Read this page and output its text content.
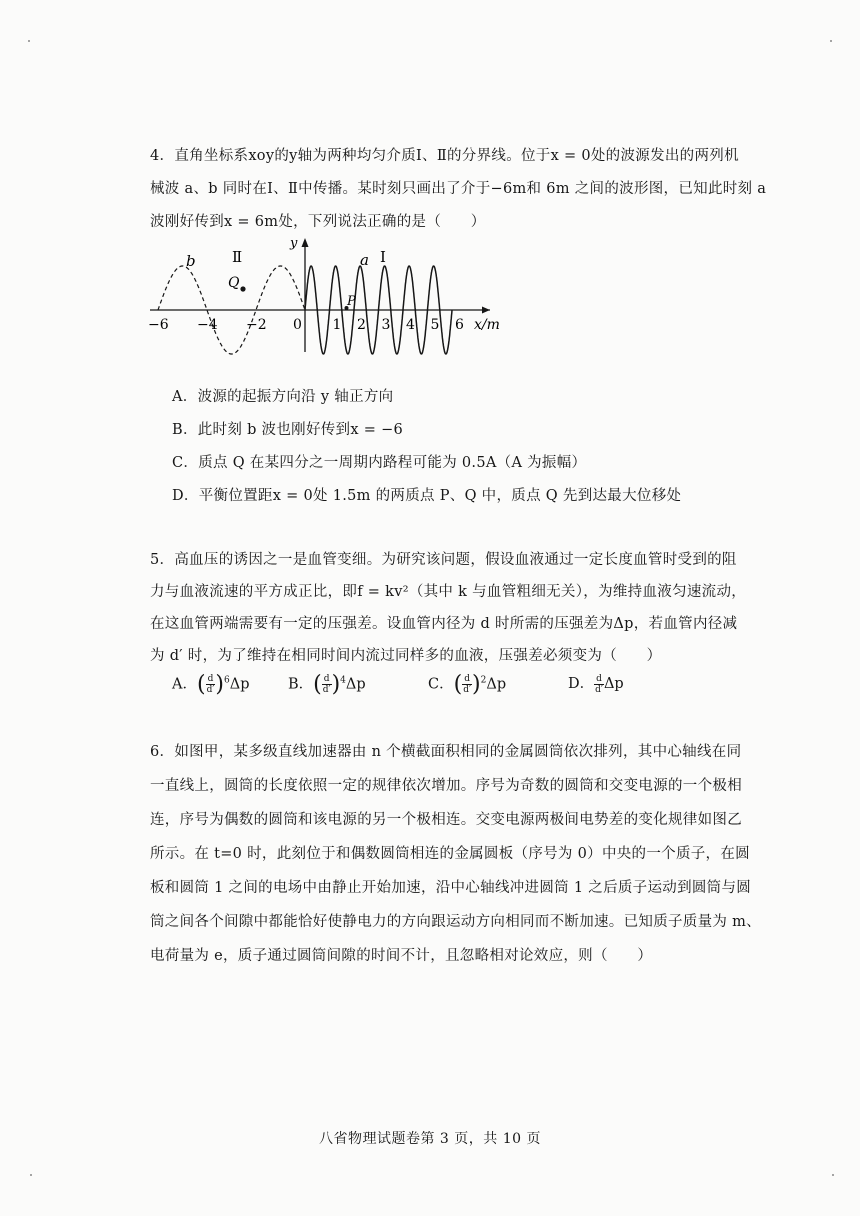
4．直角坐标系xoy的y轴为两种均匀介质Ⅰ、Ⅱ的分界线。位于x = 0处的波源发出的两列机
械波 a、b 同时在Ⅰ、Ⅱ中传播。某时刻只画出了介于−6m和 6m 之间的波形图，已知此时刻 a
波刚好传到x = 6m处，下列说法正确的是（　　）
b Ⅱ
Q
y
a I
P
x/m
−6 −4 −2 0 1 2 3 4 5 6
A．波源的起振方向沿 y 轴正方向
B．此时刻 b 波也刚好传到x = −6
C．质点 Q 在某四分之一周期内路程可能为 0.5A（A 为振幅）
D．平衡位置距x = 0处 1.5m 的两质点 P、Q 中，质点 Q 先到达最大位移处
5．高血压的诱因之一是血管变细。为研究该问题，假设血液通过一定长度血管时受到的阻
力与血液流速的平方成正比，即f = kv²（其中 k 与血管粗细无关），为维持血液匀速流动，
在这血管两端需要有一定的压强差。设血管内径为 d 时所需的压强差为Δp，若血管内径减
为 d′ 时，为了维持在相同时间内流过同样多的血液，压强差必须变为（　　）
A．( $\frac{d}{d'} )^6\Delta p$	B．( $\frac{d}{d'} )^4\Delta p$	C．( $\frac{d}{d'} )^2\Delta p$	D． $\frac{d}{d'}$ Δp
6．如图甲，某多级直线加速器由 n 个横截面积相同的金属圆筒依次排列，其中心轴线在同
一直线上，圆筒的长度依照一定的规律依次增加。序号为奇数的圆筒和交变电源的一个极相
连，序号为偶数的圆筒和该电源的另一个极相连。交变电源两极间电势差的变化规律如图乙
所示。在 t=0 时，此刻位于和偶数圆筒相连的金属圆板（序号为 0）中央的一个质子，在圆
板和圆筒 1 之间的电场中由静止开始加速，沿中心轴线冲进圆筒 1 之后质子运动到圆筒与圆
筒之间各个间隙中都能恰好使静电力的方向跟运动方向相同而不断加速。已知质子质量为 m、
电荷量为 e，质子通过圆筒间隙的时间不计，且忽略相对论效应，则（　　）
八省物理试题卷第 3 页，共 10 页
